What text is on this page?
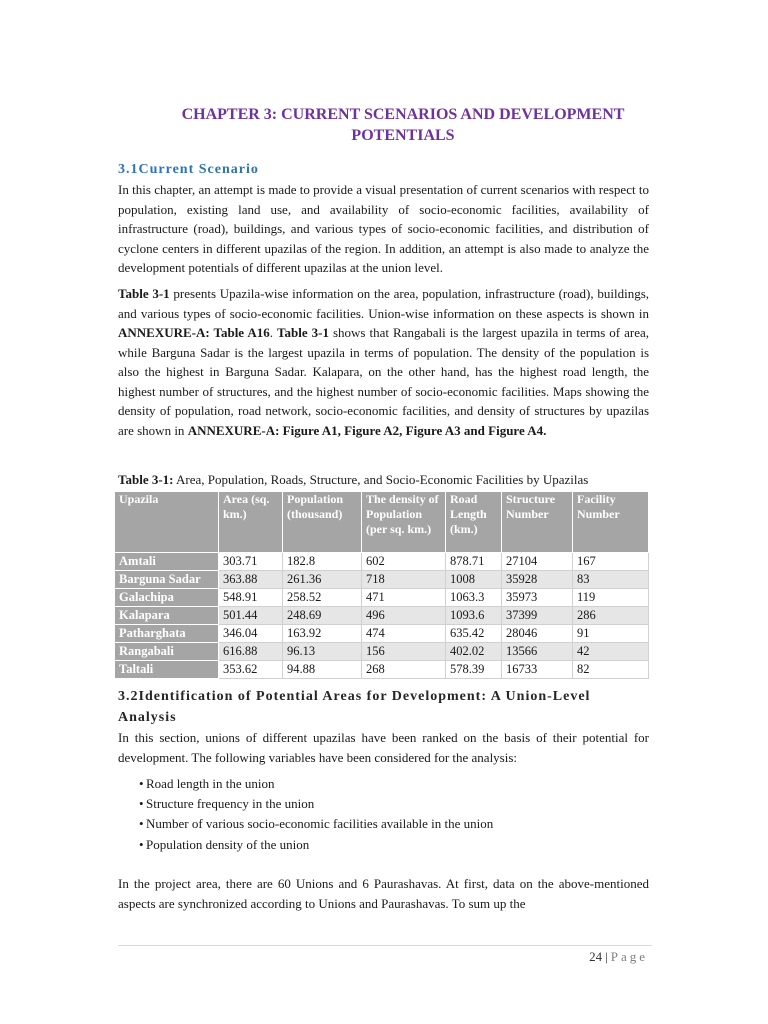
CHAPTER 3: CURRENT SCENARIOS AND DEVELOPMENT
POTENTIALS
3.1Current Scenario

In this chapter, an attempt is made to provide a visual presentation of current scenarios with respect to population, existing land use, and availability of socio-economic facilities, availability of infrastructure (road), buildings, and various types of socio-economic facilities, and distribution of cyclone centers in different upazilas of the region. In addition, an attempt is also made to analyze the development potentials of different upazilas at the union level.

Table 3-1 presents Upazila-wise information on the area, population, infrastructure (road), buildings, and various types of socio-economic facilities. Union-wise information on these aspects is shown in ANNEXURE-A: Table A16. Table 3-1 shows that Rangabali is the largest upazila in terms of area, while Barguna Sadar is the largest upazila in terms of population. The density of the population is also the highest in Barguna Sadar. Kalapara, on the other hand, has the highest road length, the highest number of structures, and the highest number of socio-economic facilities. Maps showing the density of population, road network, socio-economic facilities, and density of structures by upazilas are shown in ANNEXURE-A: Figure A1, Figure A2, Figure A3 and Figure A4.

Table 3-1: Area, Population, Roads, Structure, and Socio-Economic Facilities by Upazilas
Upazila	Area (sq. km.)	Population (thousand)	The density of Population (per sq. km.)	Road Length (km.)	Structure Number	Facility Number
Amtali	303.71	182.8	602	878.71	27104	167
Barguna Sadar	363.88	261.36	718	1008	35928	83
Galachipa	548.91	258.52	471	1063.3	35973	119
Kalapara	501.44	248.69	496	1093.6	37399	286
Patharghata	346.04	163.92	474	635.42	28046	91
Rangabali	616.88	96.13	156	402.02	13566	42
Taltali	353.62	94.88	268	578.39	16733	82
3.2Identification of Potential Areas for Development: A Union-Level
Analysis

In this section, unions of different upazilas have been ranked on the basis of their potential for development. The following variables have been considered for the analysis:

• Road length in the union
• Structure frequency in the union
• Number of various socio-economic facilities available in the union
• Population density of the union

In the project area, there are 60 Unions and 6 Paurashavas. At first, data on the above-mentioned aspects are synchronized according to Unions and Paurashavas. To sum up the

24 | Page
